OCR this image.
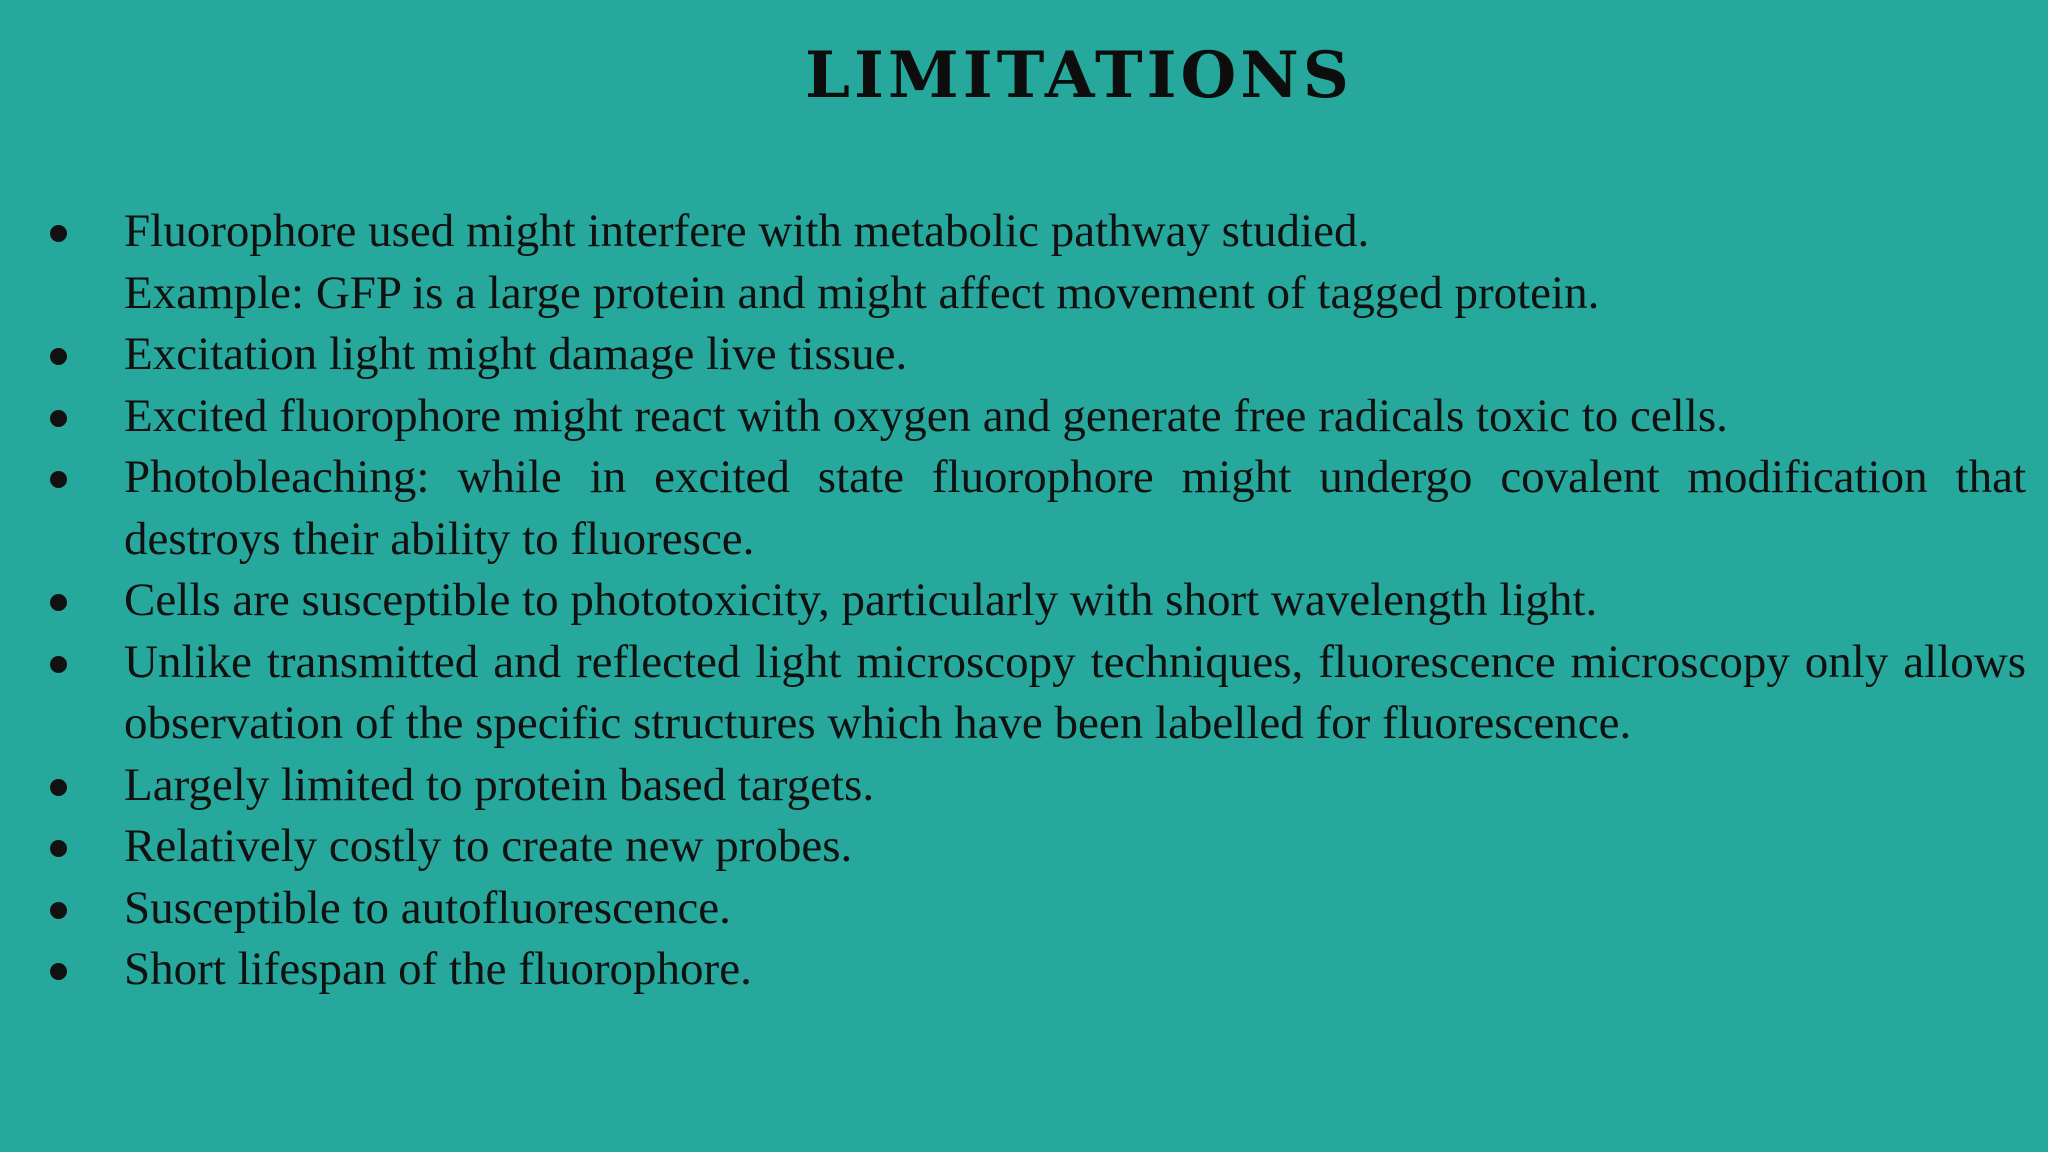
LIMITATIONS
Fluorophore used might interfere with metabolic pathway studied.
Example: GFP is a large protein and might affect movement of tagged protein.
Excitation light might damage live tissue.
Excited fluorophore might react with oxygen and generate free radicals toxic to cells.
Photobleaching: while in excited state fluorophore might undergo covalent modification that destroys their ability to fluoresce.
Cells are susceptible to phototoxicity, particularly with short wavelength light.
Unlike transmitted and reflected light microscopy techniques, fluorescence microscopy only allows observation of the specific structures which have been labelled for fluorescence.
Largely limited to protein based targets.
Relatively costly to create new probes.
Susceptible to autofluorescence.
Short lifespan of the fluorophore.
